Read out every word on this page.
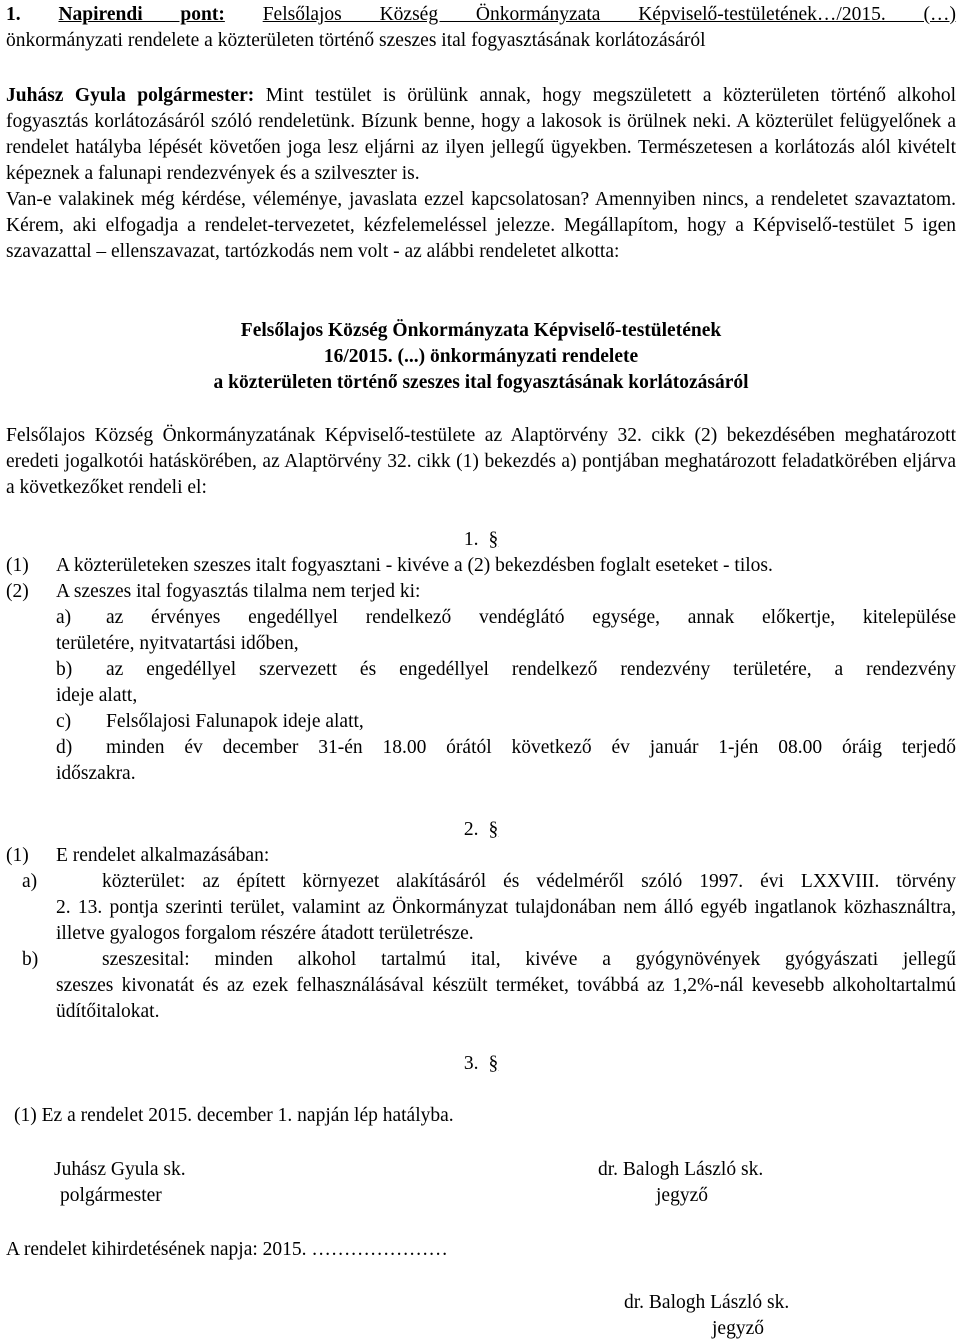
1. Napirendi pont: Felsőlajos Község Önkormányzata Képviselő-testületének…/2015. (…)

önkormányzati rendelete a közterületen történő szeszes ital fogyasztásának korlátozásáról

Juhász Gyula polgármester: Mint testület is örülünk annak, hogy megszületett a közterületen történő alkohol fogyasztás korlátozásáról szóló rendeletünk. Bízunk benne, hogy a lakosok is örülnek neki. A közterület felügyelőnek a rendelet hatályba lépését követően joga lesz eljárni az ilyen jellegű ügyekben. Természetesen a korlátozás alól kivételt képeznek a falunapi rendezvények és a szilveszter is.

Van-e valakinek még kérdése, véleménye, javaslata ezzel kapcsolatosan? Amennyiben nincs, a rendeletet szavaztatom. Kérem, aki elfogadja a rendelet-tervezetet, kézfelemeléssel jelezze. Megállapítom, hogy a Képviselő-testület 5 igen szavazattal – ellenszavazat, tartózkodás nem volt - az alábbi rendeletet alkotta:

Felsőlajos Község Önkormányzata Képviselő-testületének

16/2015. (...) önkormányzati rendelete

a közterületen történő szeszes ital fogyasztásának korlátozásáról

Felsőlajos Község Önkormányzatának Képviselő-testülete az Alaptörvény 32. cikk (2) bekezdésében meghatározott eredeti jogalkotói hatáskörében, az Alaptörvény 32. cikk (1) bekezdés a) pontjában meghatározott feladatkörében eljárva a következőket rendeli el:

1. §
(1)	A közterületeken szeszes italt fogyasztani - kivéve a (2) bekezdésben foglalt eseteket - tilos.
(2)	A szeszes ital fogyasztás tilalma nem terjed ki:
a)	az érvényes engedéllyel rendelkező vendéglátó egysége, annak előkertje, kitelepülése

területére, nyitvatartási időben,

b)	az engedéllyel szervezett és engedéllyel rendelkező rendezvény területére, a rendezvény

ideje alatt,

c)	Felsőlajosi Falunapok ideje alatt,
d)	minden év december 31-én 18.00 órától következő év január 1-jén 08.00 óráig terjedő

időszakra.

2. §
(1)	E rendelet alkalmazásában:
a)	közterület: az épített környezet alakításáról és védelméről szóló 1997. évi LXXVIII. törvény

2. 13. pontja szerinti terület, valamint az Önkormányzat tulajdonában nem álló egyéb ingatlanok közhasználtra, illetve gyalogos forgalom részére átadott területrésze.

b)	szeszesital: minden alkohol tartalmú ital, kivéve a gyógynövények gyógyászati jellegű

szeszes kivonatát és az ezek felhasználásával készült terméket, továbbá az 1,2%-nál kevesebb alkoholtartalmú üdítőitalokat.

3. §
(1) Ez a rendelet 2015. december 1. napján lép hatályba.

Juhász Gyula sk.

polgármester

dr. Balogh László sk.

jegyző

A rendelet kihirdetésének napja: 2015. …………………

dr. Balogh László sk.

jegyző
